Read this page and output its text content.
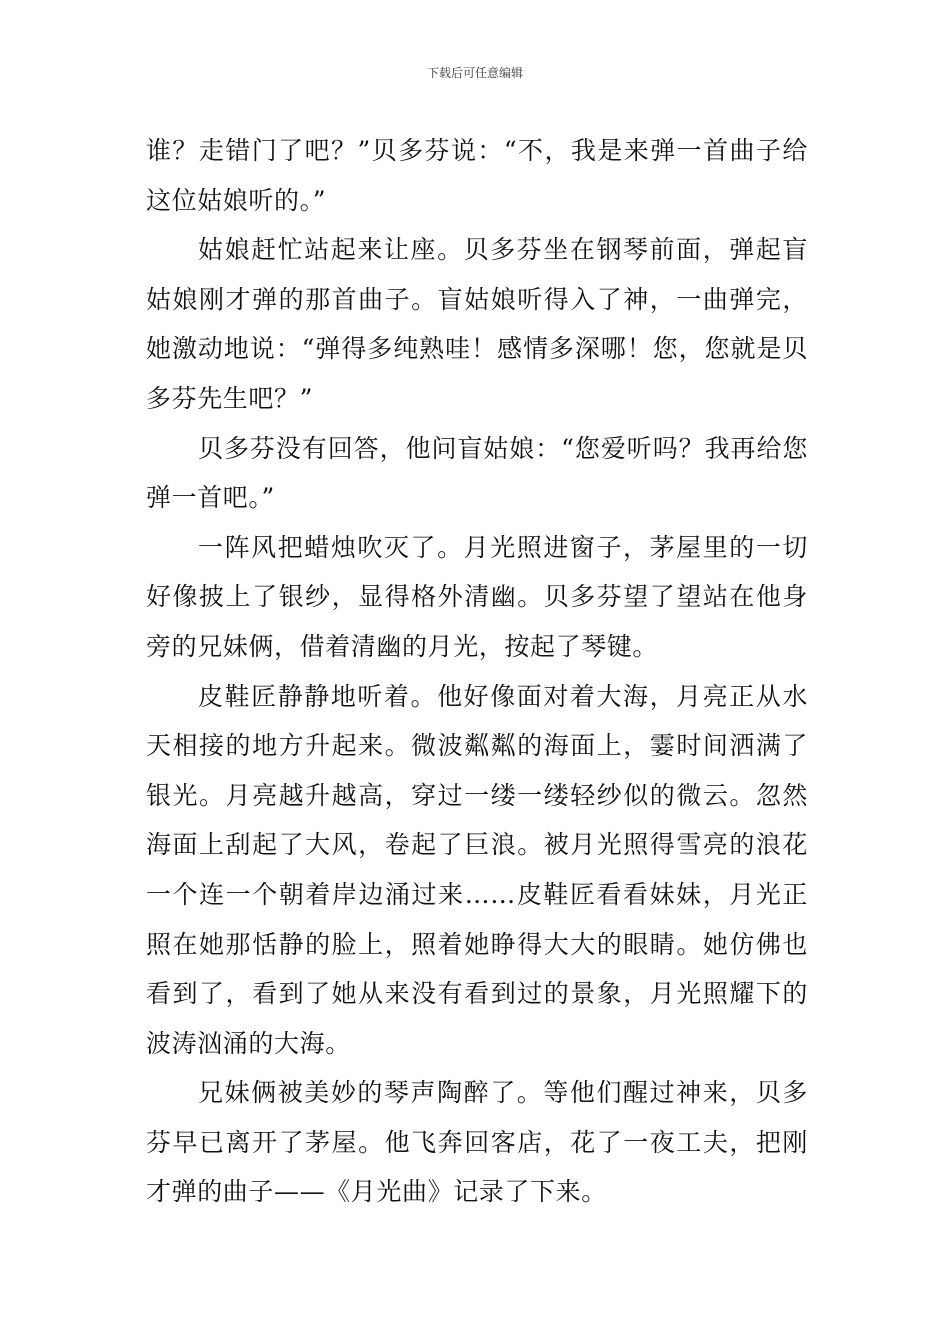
下载后可任意编辑

谁？走错门了吧？”贝多芬说：“不，我是来弹一首曲子给这位姑娘听的。”

姑娘赶忙站起来让座。贝多芬坐在钢琴前面，弹起盲姑娘刚才弹的那首曲子。盲姑娘听得入了神，一曲弹完，她激动地说：“弹得多纯熟哇！感情多深哪！您，您就是贝多芬先生吧？”

贝多芬没有回答，他问盲姑娘：“您爱听吗？我再给您弹一首吧。”

一阵风把蜡烛吹灭了。月光照进窗子，茅屋里的一切好像披上了银纱，显得格外清幽。贝多芬望了望站在他身旁的兄妹俩，借着清幽的月光，按起了琴键。

皮鞋匠静静地听着。他好像面对着大海，月亮正从水天相接的地方升起来。微波粼粼的海面上，霎时间洒满了银光。月亮越升越高，穿过一缕一缕轻纱似的微云。忽然海面上刮起了大风，卷起了巨浪。被月光照得雪亮的浪花一个连一个朝着岸边涌过来……皮鞋匠看看妹妹，月光正照在她那恬静的脸上，照着她睁得大大的眼睛。她仿佛也看到了，看到了她从来没有看到过的景象，月光照耀下的波涛汹涌的大海。

兄妹俩被美妙的琴声陶醉了。等他们醒过神来，贝多芬早已离开了茅屋。他飞奔回客店，花了一夜工夫，把刚才弹的曲子——《月光曲》记录了下来。
